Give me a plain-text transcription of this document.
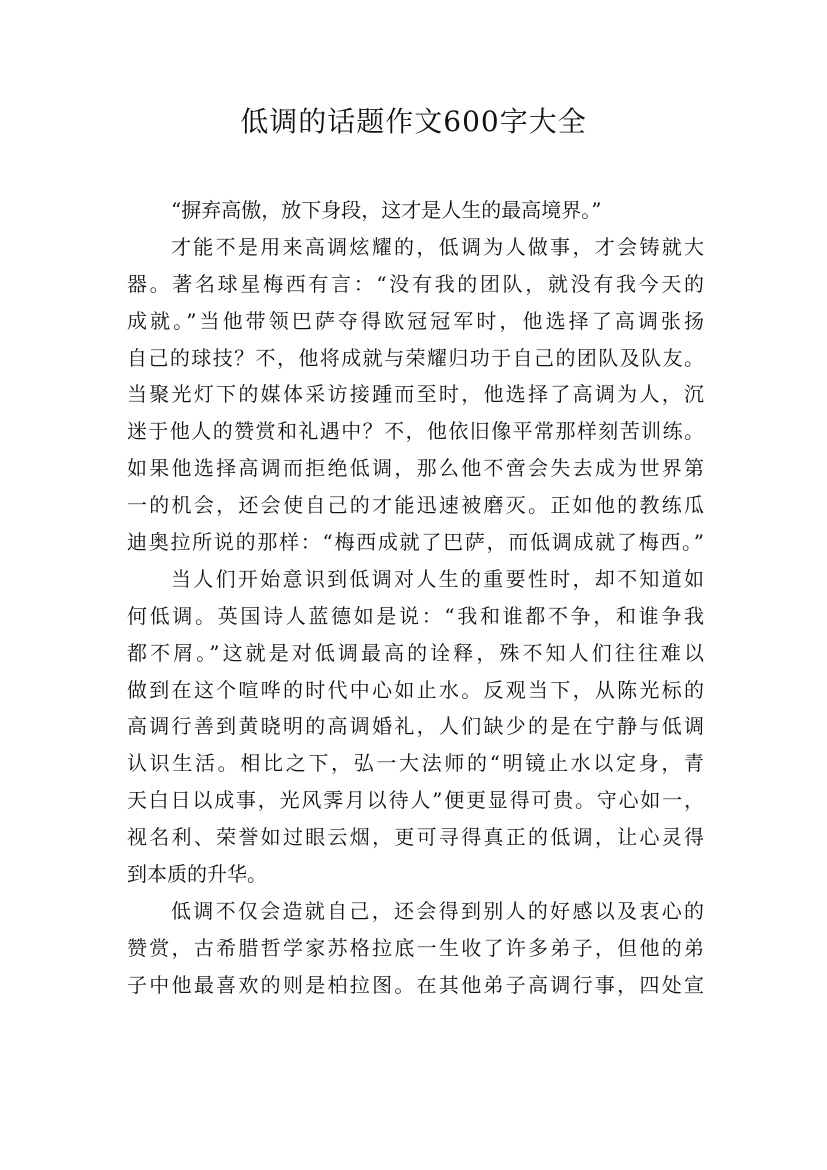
低调的话题作文600字大全
“摒弃高傲，放下身段，这才是人生的最高境界。”
才能不是用来高调炫耀的，低调为人做事，才会铸就大
器。著名球星梅西有言：“没有我的团队，就没有我今天的
成就。”当他带领巴萨夺得欧冠冠军时，他选择了高调张扬
自己的球技？不，他将成就与荣耀归功于自己的团队及队友。
当聚光灯下的媒体采访接踵而至时，他选择了高调为人，沉
迷于他人的赞赏和礼遇中？不，他依旧像平常那样刻苦训练。
如果他选择高调而拒绝低调，那么他不啻会失去成为世界第
一的机会，还会使自己的才能迅速被磨灭。正如他的教练瓜
迪奥拉所说的那样：“梅西成就了巴萨，而低调成就了梅西。”
当人们开始意识到低调对人生的重要性时，却不知道如
何低调。英国诗人蓝德如是说：“我和谁都不争，和谁争我
都不屑。”这就是对低调最高的诠释，殊不知人们往往难以
做到在这个喧哗的时代中心如止水。反观当下，从陈光标的
高调行善到黄晓明的高调婚礼，人们缺少的是在宁静与低调
认识生活。相比之下，弘一大法师的“明镜止水以定身，青
天白日以成事，光风霁月以待人”便更显得可贵。守心如一，
视名利、荣誉如过眼云烟，更可寻得真正的低调，让心灵得
到本质的升华。
低调不仅会造就自己，还会得到别人的好感以及衷心的
赞赏，古希腊哲学家苏格拉底一生收了许多弟子，但他的弟
子中他最喜欢的则是柏拉图。在其他弟子高调行事，四处宣
